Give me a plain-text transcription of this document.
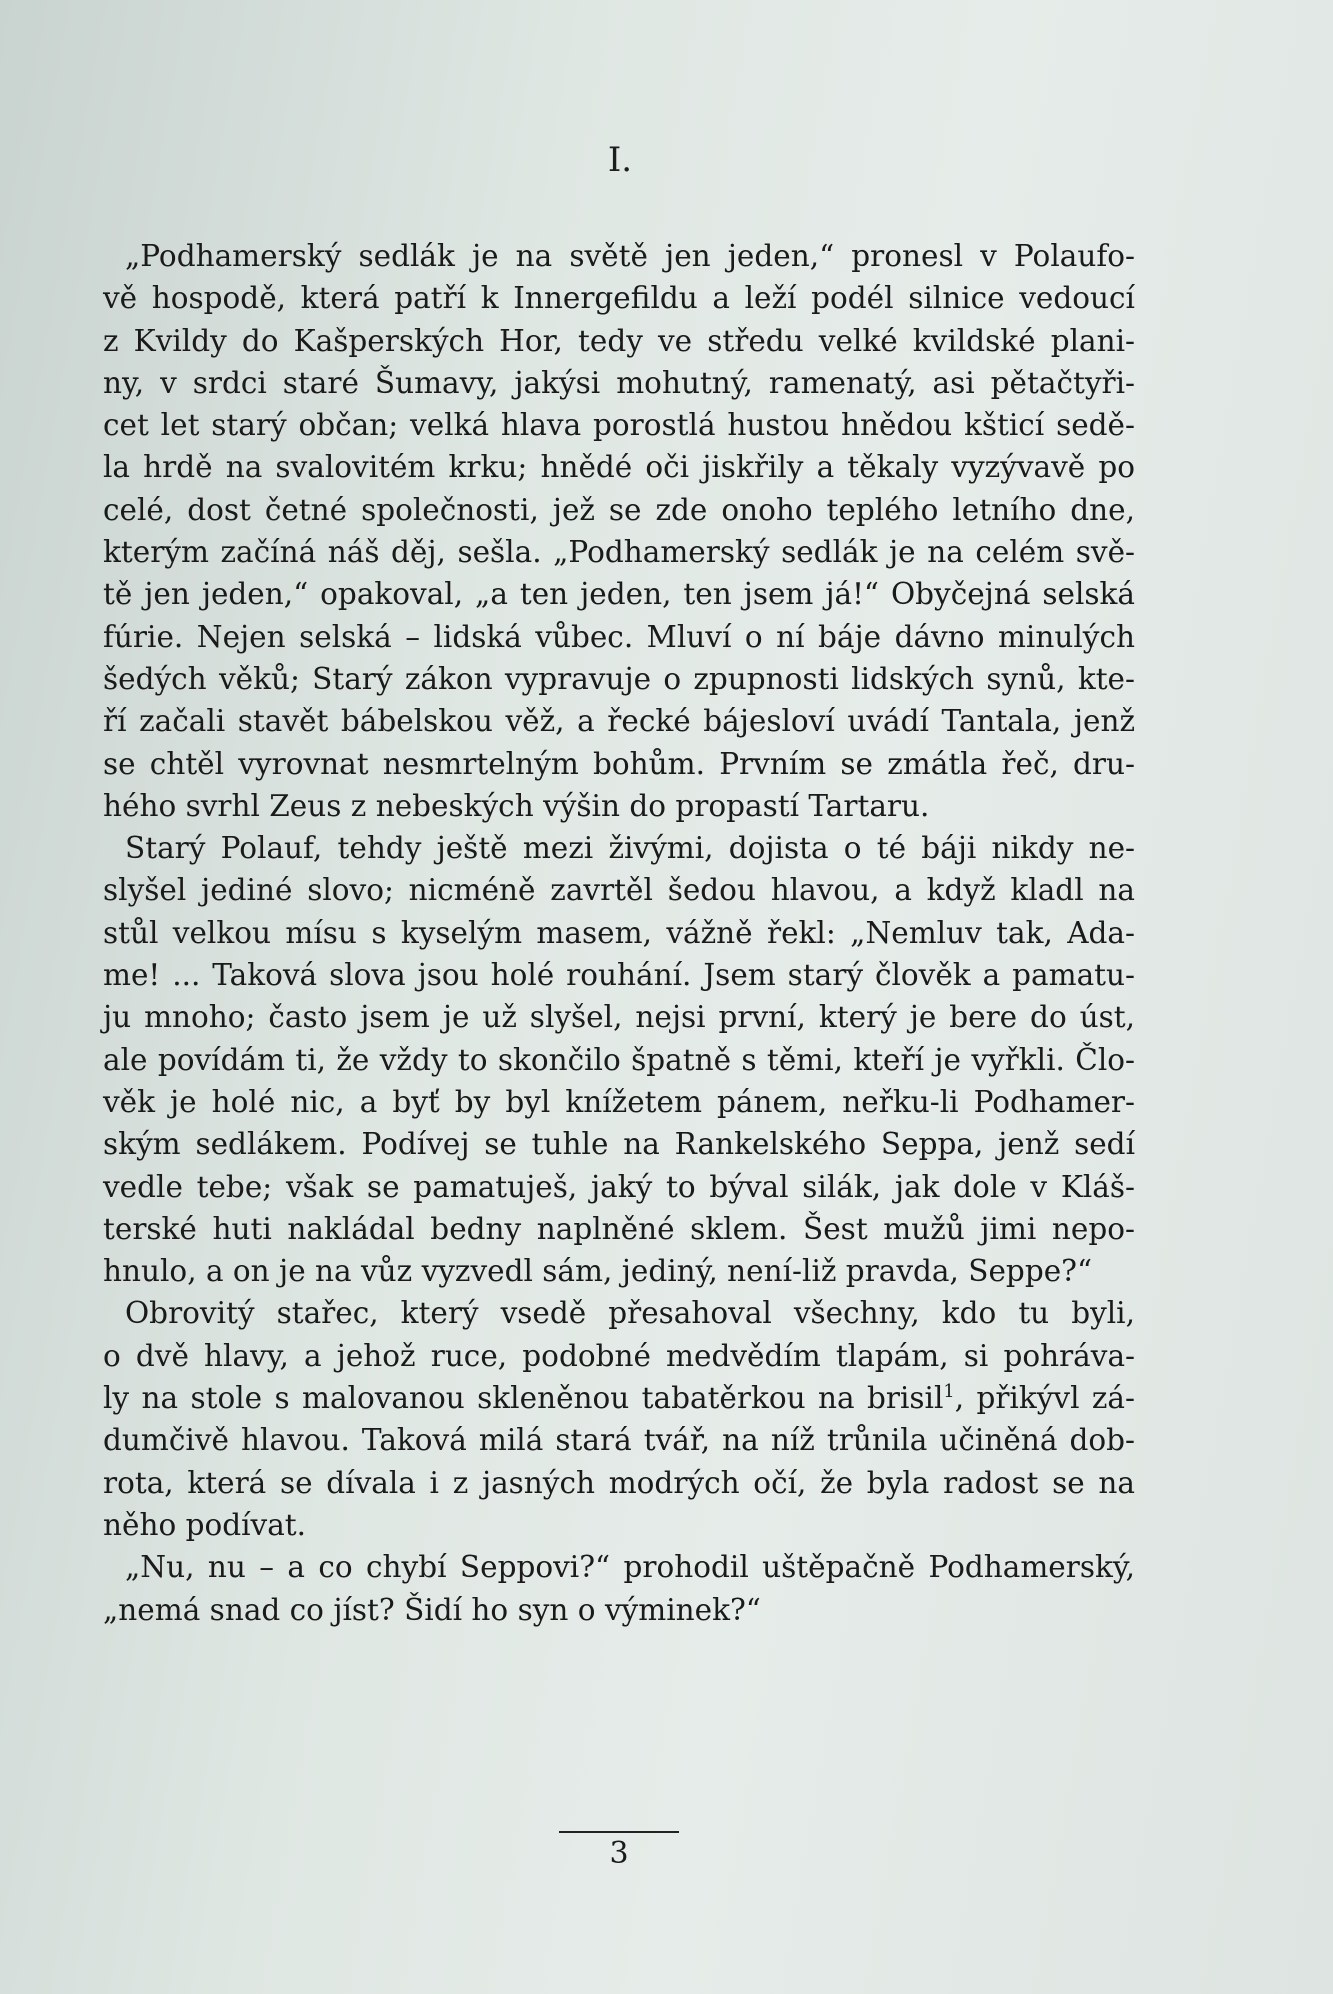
I.
„Podhamerský sedlák je na světě jen jeden,“ pronesl v Polaufo-
vě hospodě, která patří k Innergefildu a leží podél silnice vedoucí
z Kvildy do Kašperských Hor, tedy ve středu velké kvildské plani-
ny, v srdci staré Šumavy, jakýsi mohutný, ramenatý, asi pětačtyři-
cet let starý občan; velká hlava porostlá hustou hnědou kšticí sedě-
la hrdě na svalovitém krku; hnědé oči jiskřily a těkaly vyzývavě po
celé, dost četné společnosti, jež se zde onoho teplého letního dne,
kterým začíná náš děj, sešla. „Podhamerský sedlák je na celém svě-
tě jen jeden,“ opakoval, „a ten jeden, ten jsem já!“ Obyčejná selská
fúrie. Nejen selská – lidská vůbec. Mluví o ní báje dávno minulých
šedých věků; Starý zákon vypravuje o zpupnosti lidských synů, kte-
ří začali stavět bábelskou věž, a řecké bájesloví uvádí Tantala, jenž
se chtěl vyrovnat nesmrtelným bohům. Prvním se zmátla řeč, dru-
hého svrhl Zeus z nebeských výšin do propastí Tartaru.
Starý Polauf, tehdy ještě mezi živými, dojista o té báji nikdy ne-
slyšel jediné slovo; nicméně zavrtěl šedou hlavou, a když kladl na
stůl velkou mísu s kyselým masem, vážně řekl: „Nemluv tak, Ada-
me! ... Taková slova jsou holé rouhání. Jsem starý člověk a pamatu-
ju mnoho; často jsem je už slyšel, nejsi první, který je bere do úst,
ale povídám ti, že vždy to skončilo špatně s těmi, kteří je vyřkli. Člo-
věk je holé nic, a byť by byl knížetem pánem, neřku-li Podhamer-
ským sedlákem. Podívej se tuhle na Rankelského Seppa, jenž sedí
vedle tebe; však se pamatuješ, jaký to býval silák, jak dole v Kláš-
terské huti nakládal bedny naplněné sklem. Šest mužů jimi nepo-
hnulo, a on je na vůz vyzvedl sám, jediný, není-liž pravda, Seppe?“
Obrovitý stařec, který vsedě přesahoval všechny, kdo tu byli,
o dvě hlavy, a jehož ruce, podobné medvědím tlapám, si pohráva-
ly na stole s malovanou skleněnou tabatěrkou na brisil$^1$, přikývl zá-
dumčivě hlavou. Taková milá stará tvář, na níž trůnila učiněná dob-
rota, která se dívala i z jasných modrých očí, že byla radost se na
něho podívat.
„Nu, nu – a co chybí Seppovi?“ prohodil uštěpačně Podhamerský,
„nemá snad co jíst? Šidí ho syn o výminek?“

3
